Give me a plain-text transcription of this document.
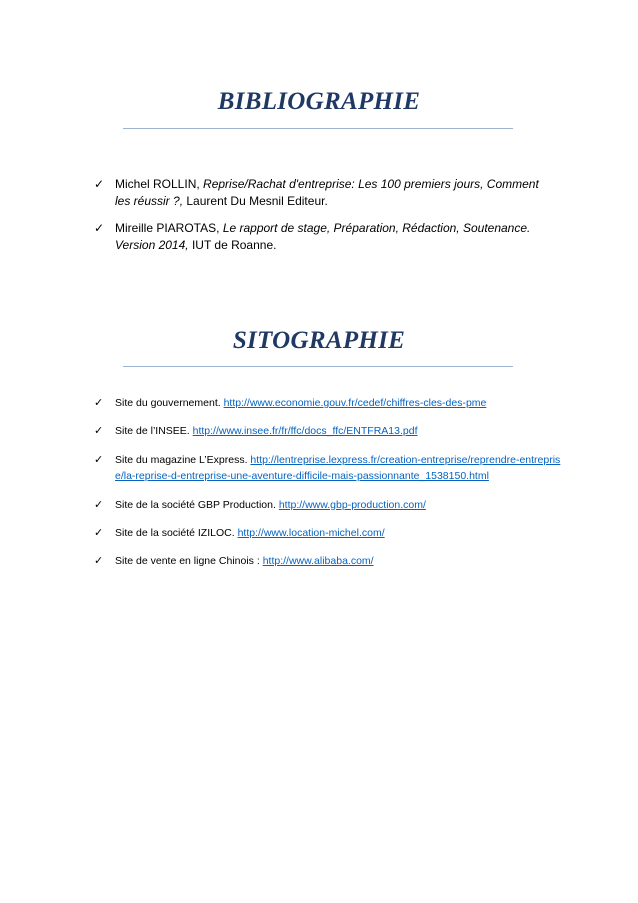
BIBLIOGRAPHIE
✓ Michel ROLLIN, Reprise/Rachat d'entreprise: Les 100 premiers jours, Comment les réussir ?, Laurent Du Mesnil Editeur.
✓ Mireille PIAROTAS, Le rapport de stage, Préparation, Rédaction, Soutenance. Version 2014, IUT de Roanne.
SITOGRAPHIE
✓	Site du gouvernement. http://www.economie.gouv.fr/cedef/chiffres-cles-des-pme
✓	Site de l’INSEE. http://www.insee.fr/fr/ffc/docs_ffc/ENTFRA13.pdf
✓	Site du magazine L’Express. http://lentreprise.lexpress.fr/creation-entreprise/reprendre-entreprise/la-reprise-d-entreprise-une-aventure-difficile-mais-passionnante_1538150.html
✓	Site de la société GBP Production. http://www.gbp-production.com/
✓	Site de la société IZILOC. http://www.location-michel.com/
✓	Site de vente en ligne Chinois : http://www.alibaba.com/
